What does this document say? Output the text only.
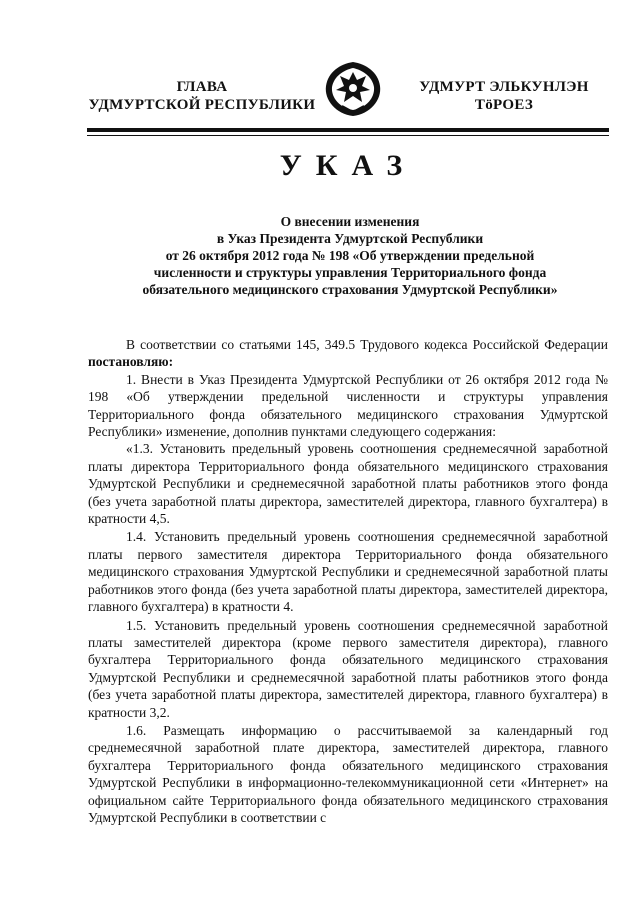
ГЛАВА
УДМУРТСКОЙ РЕСПУБЛИКИ
УДМУРТ ЭЛЬКУНЛЭН
ТӧРОЕЗ
УКАЗ
О внесении изменения
в Указ Президента Удмуртской Республики
от 26 октября 2012 года № 198 «Об утверждении предельной
численности и структуры управления Территориального фонда
обязательного медицинского страхования Удмуртской Республики»

В соответствии со статьями 145, 349.5 Трудового кодекса Российской Федерации постановляю:

1. Внести в Указ Президента Удмуртской Республики от 26 октября 2012 года № 198 «Об утверждении предельной численности и структуры управления Территориального фонда обязательного медицинского страхования Удмуртской Республики» изменение, дополнив пунктами следующего содержания:

«1.3. Установить предельный уровень соотношения среднемесячной заработной платы директора Территориального фонда обязательного медицинского страхования Удмуртской Республики и среднемесячной заработной платы работников этого фонда (без учета заработной платы директора, заместителей директора, главного бухгалтера) в кратности 4,5.

1.4. Установить предельный уровень соотношения среднемесячной заработной платы первого заместителя директора Территориального фонда обязательного медицинского страхования Удмуртской Республики и среднемесячной заработной платы работников этого фонда (без учета заработной платы директора, заместителей директора, главного бухгалтера) в кратности 4.

1.5. Установить предельный уровень соотношения среднемесячной заработной платы заместителей директора (кроме первого заместителя директора), главного бухгалтера Территориального фонда обязательного медицинского страхования Удмуртской Республики и среднемесячной заработной платы работников этого фонда (без учета заработной платы директора, заместителей директора, главного бухгалтера) в кратности 3,2.

1.6. Размещать информацию о рассчитываемой за календарный год среднемесячной заработной плате директора, заместителей директора, главного бухгалтера Территориального фонда обязательного медицинского страхования Удмуртской Республики в информационно-телекоммуникационной сети «Интернет» на официальном сайте Территориального фонда обязательного медицинского страхования Удмуртской Республики в соответствии с
